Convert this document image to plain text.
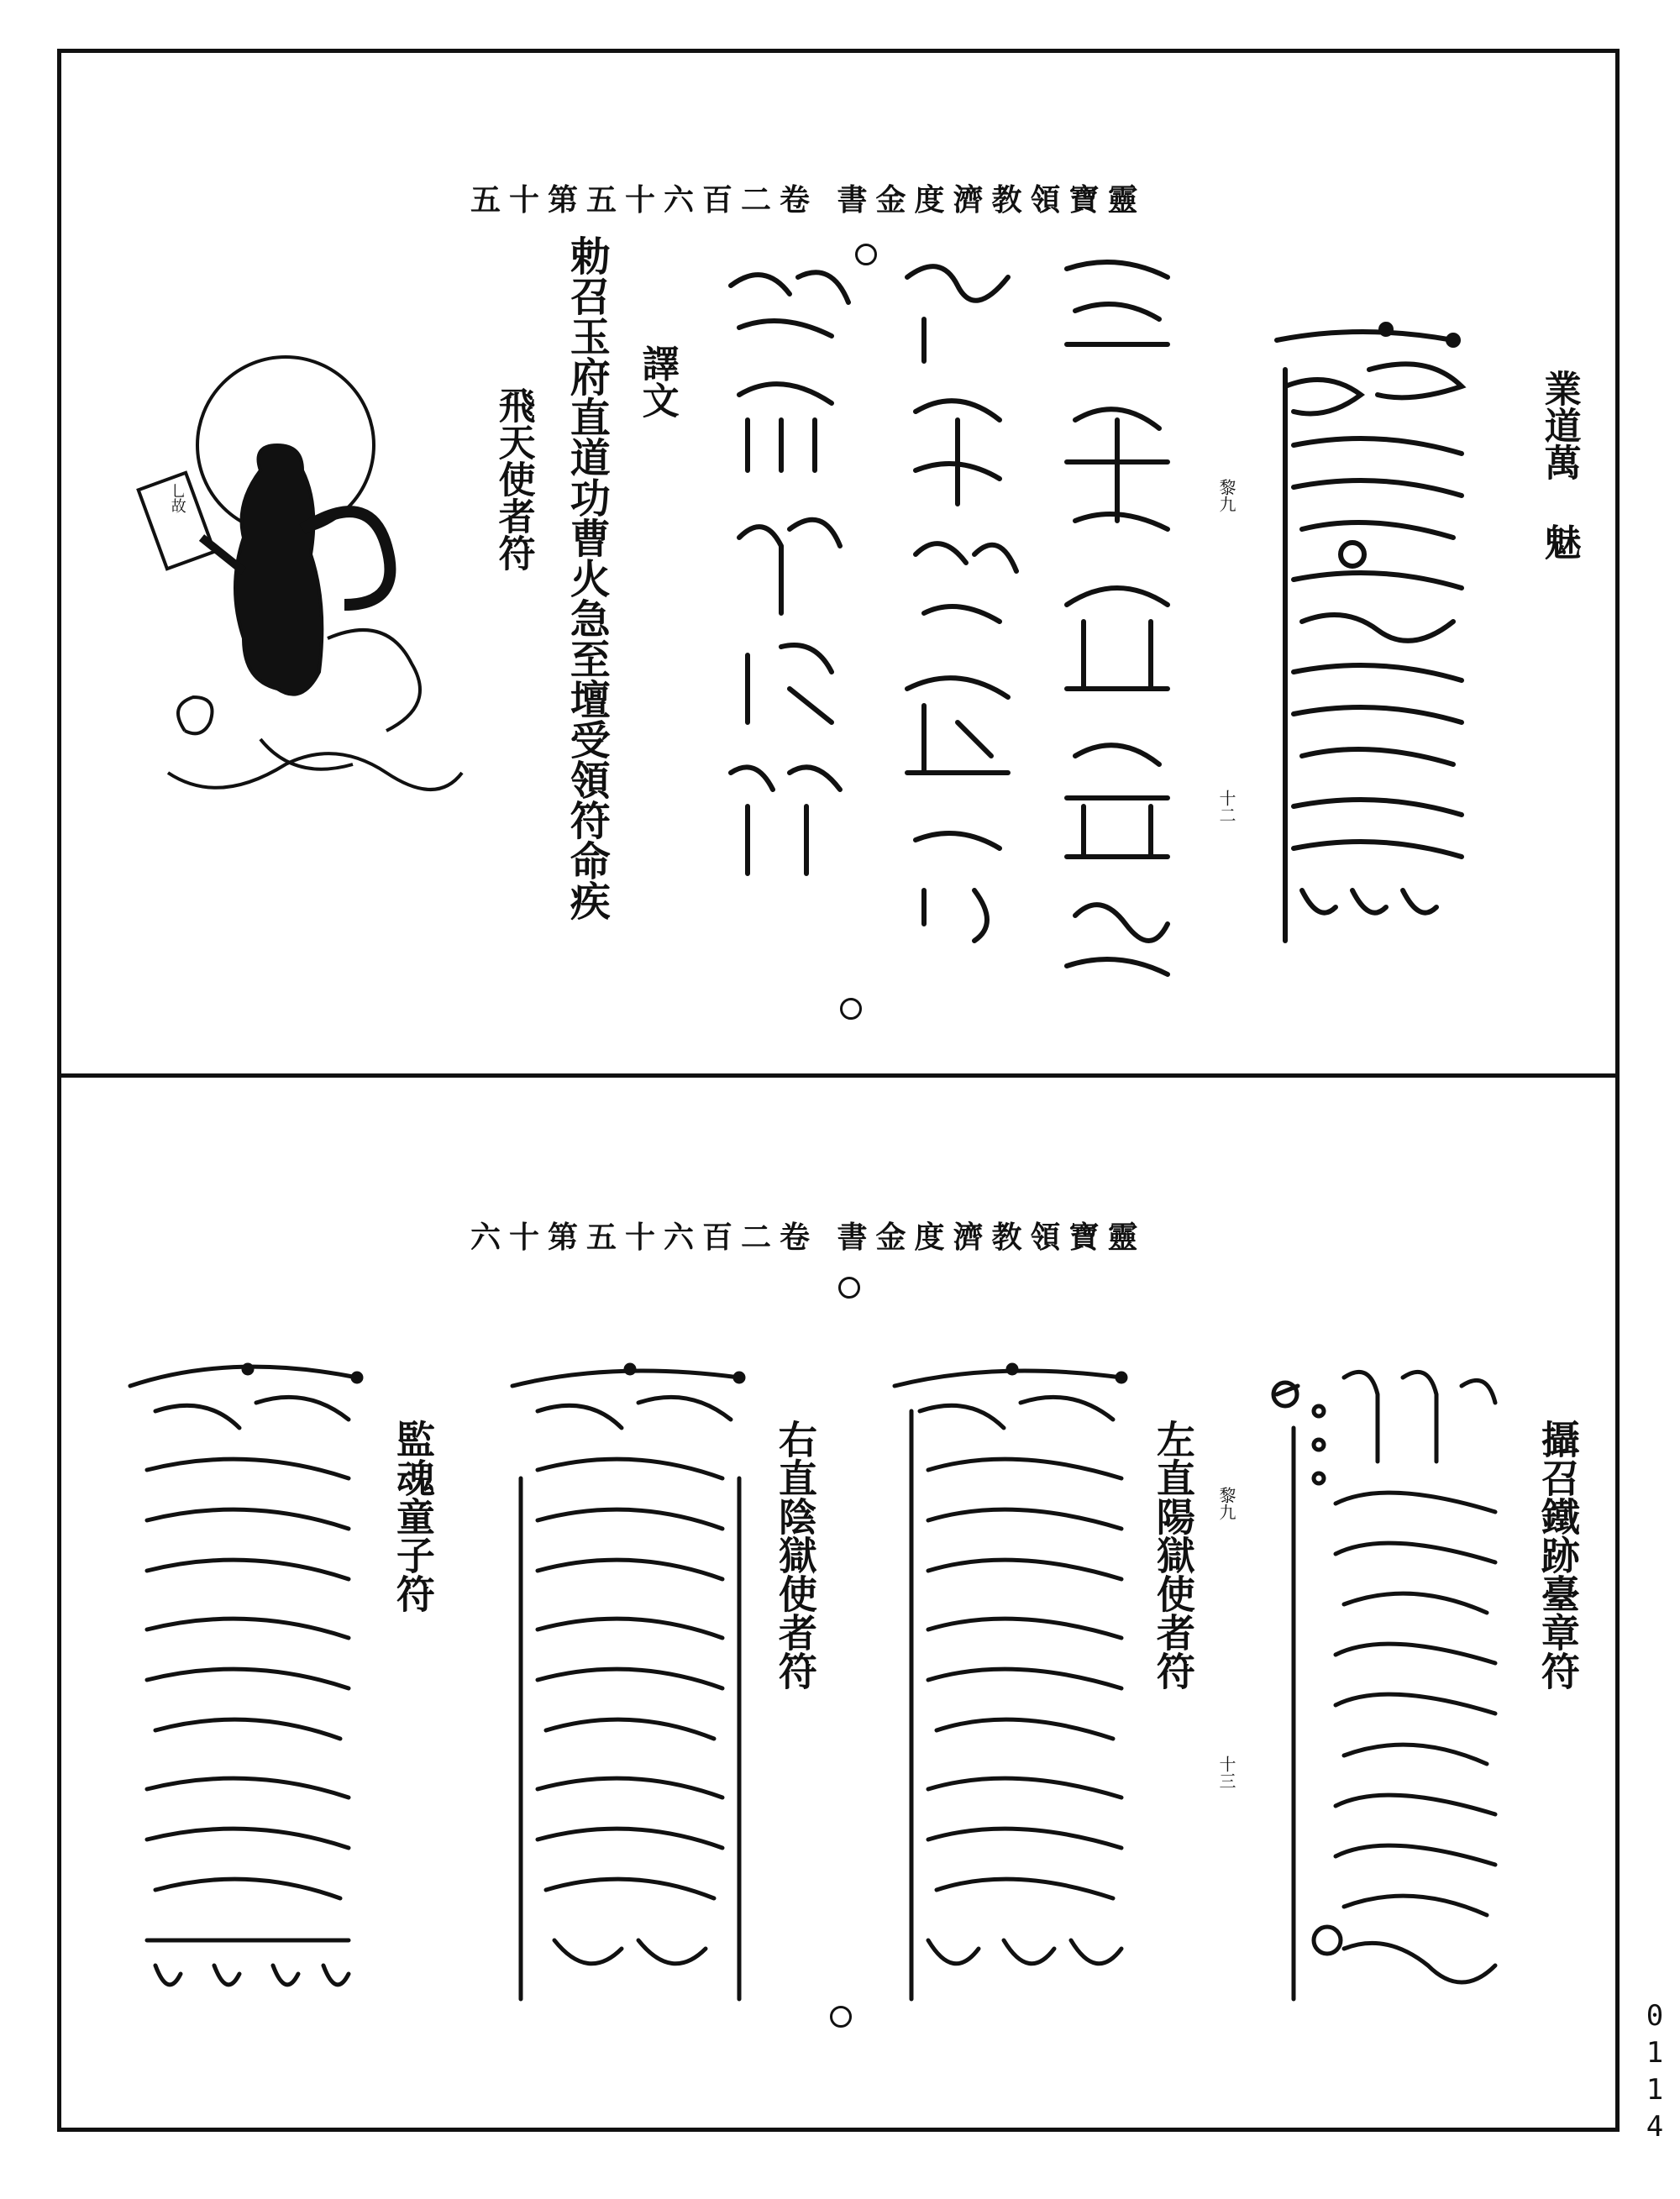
靈寶領教濟度金書 卷二百六十五第十五
業道萬 魅
黎九
十二
譯文
勅召玉府直道功曹火急至壇受領符命疾
飛天使者符
乚故
靈寶領教濟度金書 卷二百六十五第十六
攝召鐵跡臺章符
左直陽獄使者符
右直陰獄使者符
監魂童子符	黎九
十三
0114
